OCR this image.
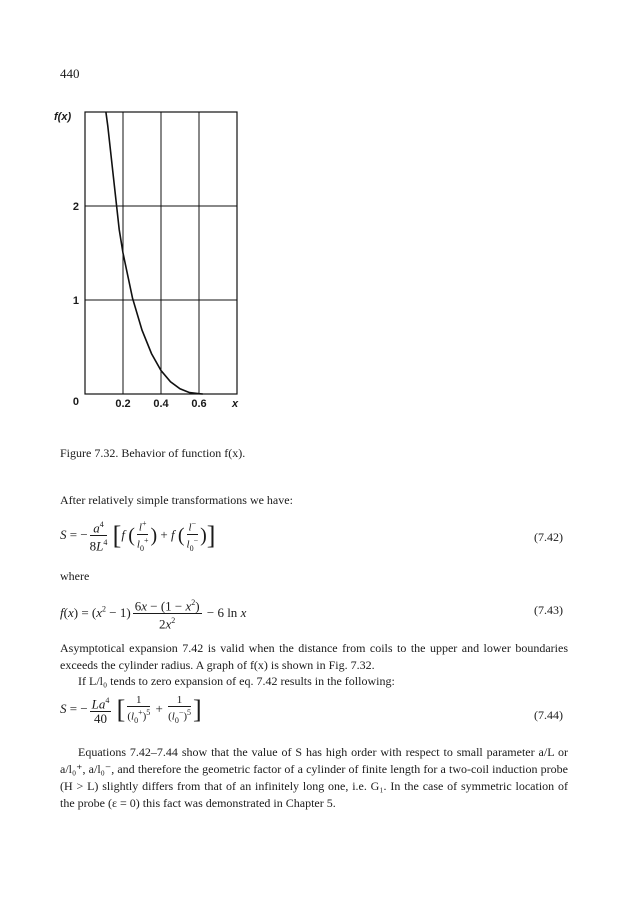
440
0
1
2
0.2 0.4 0.6
f(x)
x
Figure 7.32. Behavior of function f(x).
After relatively simple transformations we have:
S = − $\frac{a^4}{8L^4} [f$ ( $\frac{l^+}{l_0^+}$ ) + f ( $\frac{l^-}{l_0^-}$ )]	(7.42)
where
$f(x) = (x^2 - 1) \frac{6x - (1 - x^2)}{2x^2} - 6$ ln x	(7.43)
Asymptotical expansion 7.42 is valid when the distance from coils to the upper and lower boundaries exceeds the cylinder radius. A graph of f(x) is shown in Fig. 7.32.
If L/l₀ tends to zero expansion of eq. 7.42 results in the following:
S = − $\frac{La^4}{40}$ [ $\frac{1}{(l_0^+)^5} + \frac{1}{(l_0^-)^5}$ ]	(7.44)
Equations 7.42–7.44 show that the value of S has high order with respect to small parameter a/L or a/l₀⁺, a/l₀⁻, and therefore the geometric factor of a cylinder of finite length for a two-coil induction probe (H > L) slightly differs from that of an infinitely long one, i.e. G₁. In the case of symmetric location of the probe (ε = 0) this fact was demonstrated in Chapter 5.
